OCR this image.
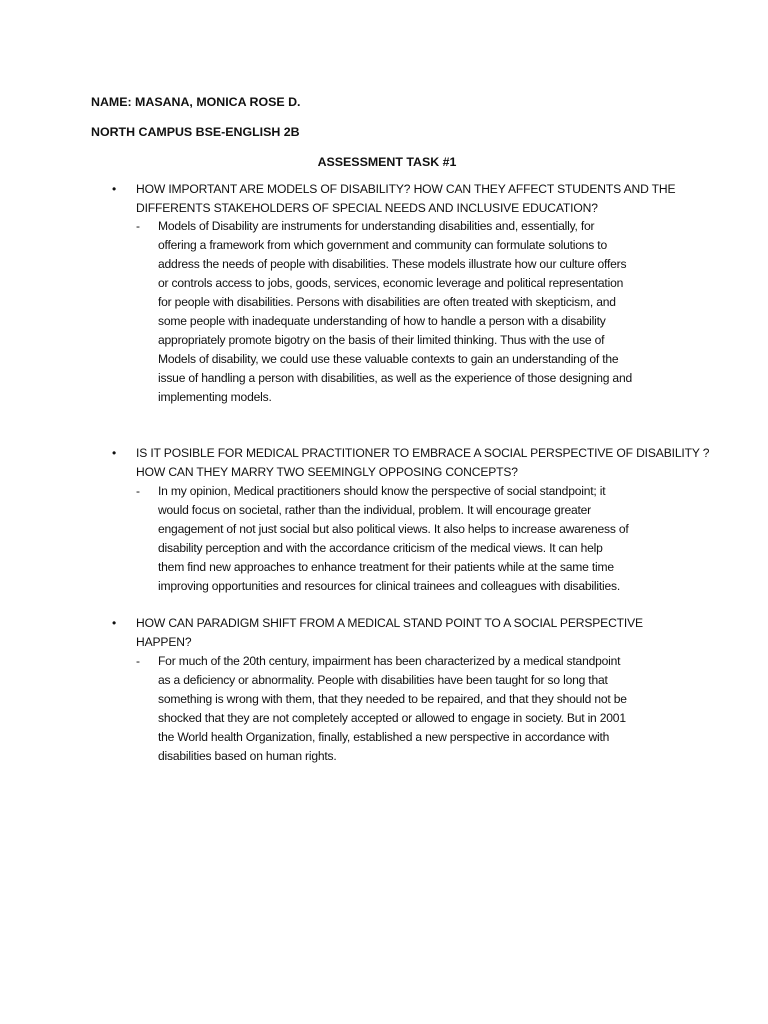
NAME: MASANA, MONICA ROSE D.
NORTH CAMPUS BSE-ENGLISH 2B
ASSESSMENT TASK #1
• HOW IMPORTANT ARE MODELS OF DISABILITY? HOW CAN THEY AFFECT STUDENTS AND THE
DIFFERENTS STAKEHOLDERS OF SPECIAL NEEDS AND INCLUSIVE EDUCATION?
- Models of Disability are instruments for understanding disabilities and, essentially, for
offering a framework from which government and community can formulate solutions to
address the needs of people with disabilities. These models illustrate how our culture offers
or controls access to jobs, goods, services, economic leverage and political representation
for people with disabilities. Persons with disabilities are often treated with skepticism, and
some people with inadequate understanding of how to handle a person with a disability
appropriately promote bigotry on the basis of their limited thinking. Thus with the use of
Models of disability, we could use these valuable contexts to gain an understanding of the
issue of handling a person with disabilities, as well as the experience of those designing and
implementing models.
• IS IT POSIBLE FOR MEDICAL PRACTITIONER TO EMBRACE A SOCIAL PERSPECTIVE OF DISABILITY ?
HOW CAN THEY MARRY TWO SEEMINGLY OPPOSING CONCEPTS?
- In my opinion, Medical practitioners should know the perspective of social standpoint; it
would focus on societal, rather than the individual, problem. It will encourage greater
engagement of not just social but also political views. It also helps to increase awareness of
disability perception and with the accordance criticism of the medical views. It can help
them find new approaches to enhance treatment for their patients while at the same time
improving opportunities and resources for clinical trainees and colleagues with disabilities.
• HOW CAN PARADIGM SHIFT FROM A MEDICAL STAND POINT TO A SOCIAL PERSPECTIVE
HAPPEN?
- For much of the 20th century, impairment has been characterized by a medical standpoint
as a deficiency or abnormality. People with disabilities have been taught for so long that
something is wrong with them, that they needed to be repaired, and that they should not be
shocked that they are not completely accepted or allowed to engage in society. But in 2001
the World health Organization, finally, established a new perspective in accordance with
disabilities based on human rights.
